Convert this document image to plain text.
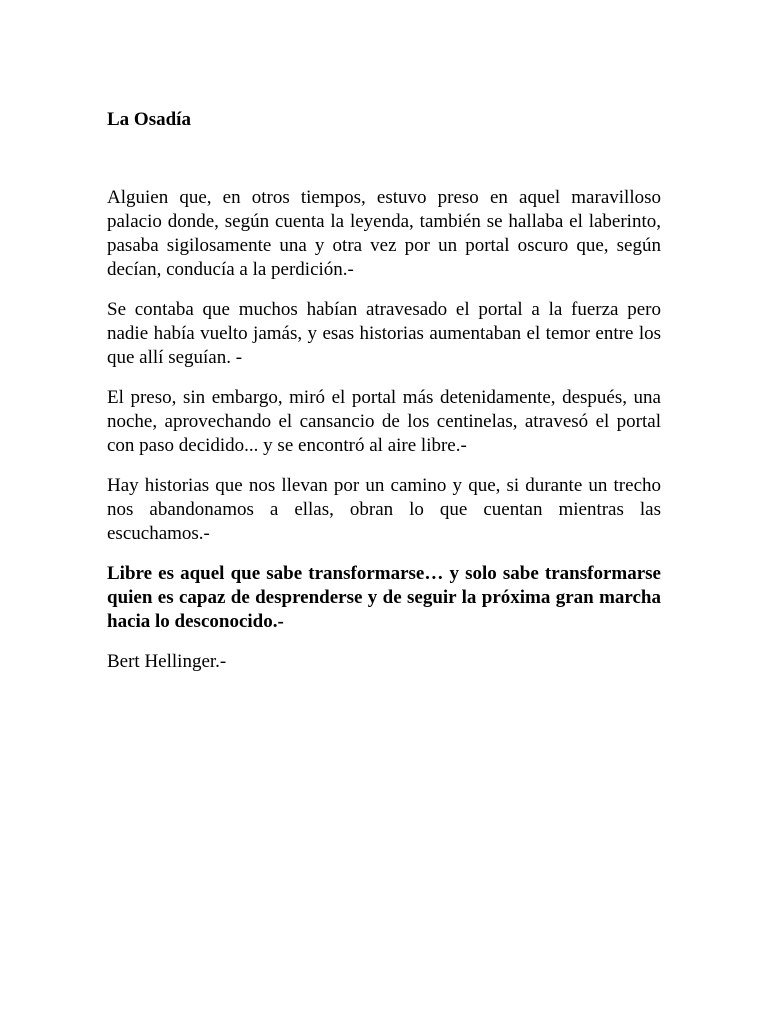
La Osadía

Alguien que, en otros tiempos, estuvo preso en aquel maravilloso palacio donde, según cuenta la leyenda, también se hallaba el laberinto, pasaba sigilosamente una y otra vez por un portal oscuro que, según decían, conducía a la perdición.-

Se contaba que muchos habían atravesado el portal a la fuerza pero nadie había vuelto jamás, y esas historias aumentaban el temor entre los que allí seguían. -

El preso, sin embargo, miró el portal más detenidamente, después, una noche, aprovechando el cansancio de los centinelas, atravesó el portal con paso decidido... y se encontró al aire libre.-

Hay historias que nos llevan por un camino y que, si durante un trecho nos abandonamos a ellas, obran lo que cuentan mientras las escuchamos.-

Libre es aquel que sabe transformarse… y solo sabe transformarse quien es capaz de desprenderse y de seguir la próxima gran marcha hacia lo desconocido.-

Bert Hellinger.-
